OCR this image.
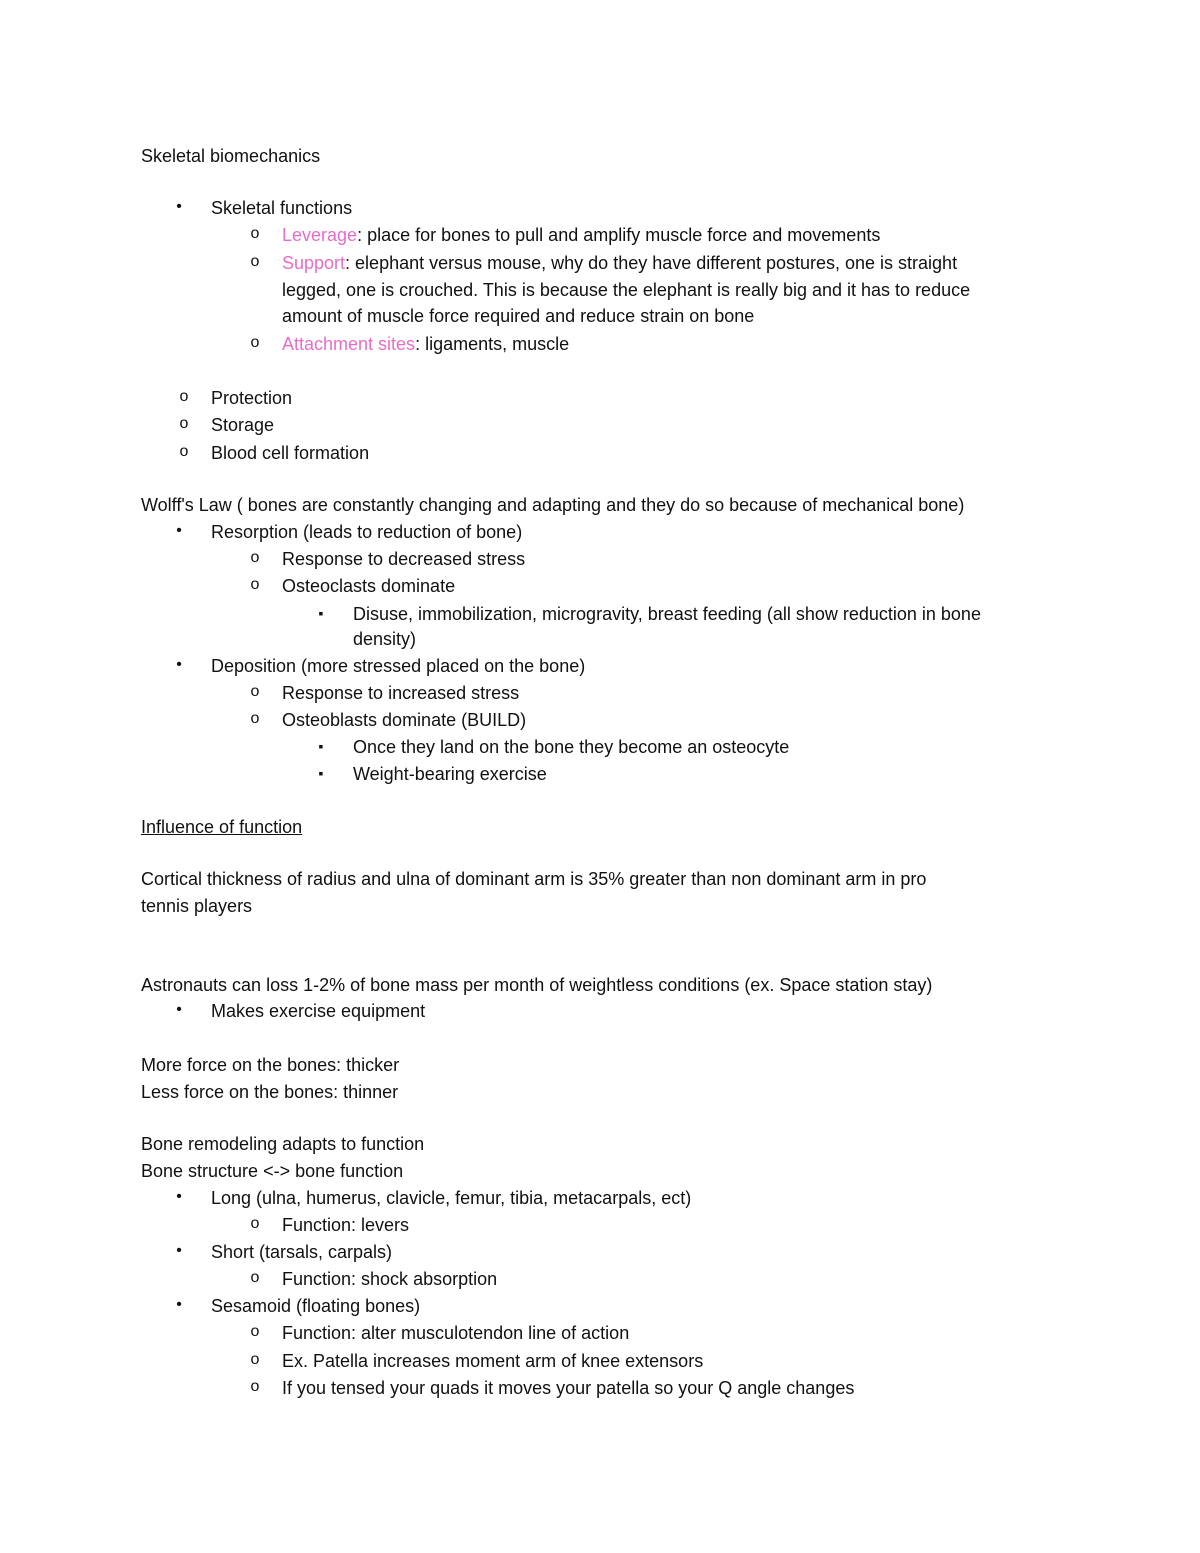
Skeletal biomechanics
•	Skeletal functions
o	Leverage: place for bones to pull and amplify muscle force and movements
o	Support: elephant versus mouse, why do they have different postures, one is straight
legged, one is crouched. This is because the elephant is really big and it has to reduce
amount of muscle force required and reduce strain on bone
o	Attachment sites: ligaments, muscle
o	Protection
o	Storage
o	Blood cell formation
Wolff's Law ( bones are constantly changing and adapting and they do so because of mechanical bone)
•	Resorption (leads to reduction of bone)
o	Response to decreased stress
o	Osteoclasts dominate
▪	Disuse, immobilization, microgravity, breast feeding (all show reduction in bone
density)
•	Deposition (more stressed placed on the bone)
o	Response to increased stress
o	Osteoblasts dominate (BUILD)
▪	Once they land on the bone they become an osteocyte
▪	Weight-bearing exercise
Influence of function
Cortical thickness of radius and ulna of dominant arm is 35% greater than non dominant arm in pro
tennis players
Astronauts can loss 1-2% of bone mass per month of weightless conditions (ex. Space station stay)
•	Makes exercise equipment
More force on the bones: thicker
Less force on the bones: thinner
Bone remodeling adapts to function
Bone structure <-> bone function
•	Long (ulna, humerus, clavicle, femur, tibia, metacarpals, ect)
o	Function: levers
•	Short (tarsals, carpals)
o	Function: shock absorption
•	Sesamoid (floating bones)
o	Function: alter musculotendon line of action
o	Ex. Patella increases moment arm of knee extensors
o	If you tensed your quads it moves your patella so your Q angle changes
